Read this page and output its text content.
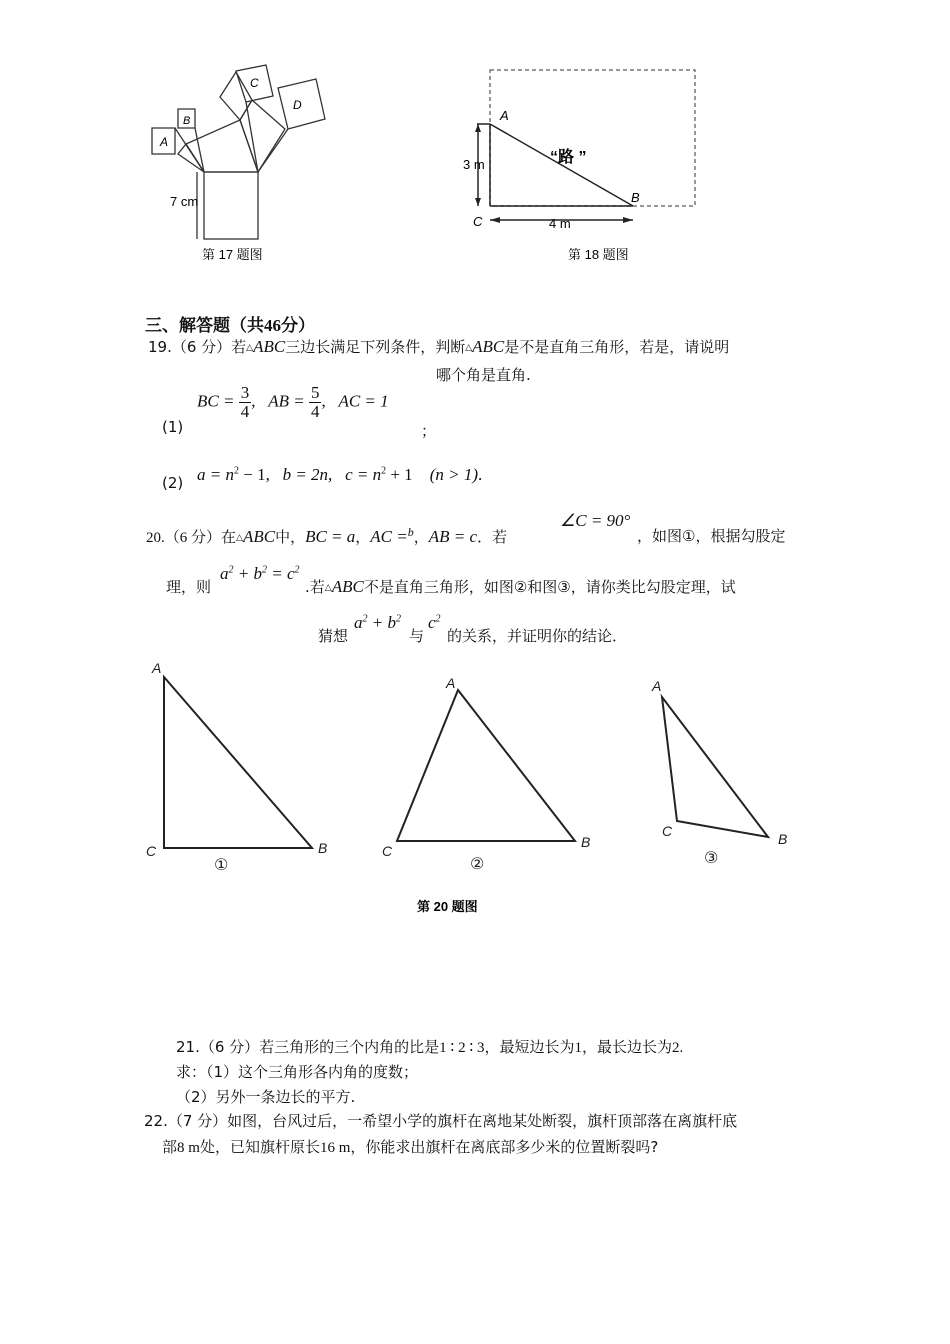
A
B
C
D
7 cm
第 17 题图
A
B
C
“路 ”
3 m
4 m
第 18 题图
三、解答题（共46分）
19.（6 分）若△ABC三边长满足下列条件，判断△ABC是不是直角三角形，若是，请说明
哪个角是直角.
(1)
BC = $\frac{3}{4}$ ,   AB = $\frac{5}{4}$ ,   AC = 1
；
(2) $a = n^2 - 1$, b = 2n, $c = n^2 + 1$ (n > 1).
20.（6 分）在△ABC中，BC = a，AC =$^b$，AB = c．若
∠C = 90°
，如图①，根据勾股定
理，则
$a^2 + b^2 = c^2$
.若△ABC不是直角三角形，如图②和图③，请你类比勾股定理，试
猜想
$a^2 + b^2$
与
$c^2$
的关系，并证明你的结论．
A
C	B
A
C
B
A
C	B
①	②	③
第 20 题图
21.（6 分）若三角形的三个内角的比是1 ∶ 2 ∶ 3，最短边长为1，最长边长为2.
求：（1）这个三角形各内角的度数；
（2）另外一条边长的平方.
22.（7 分）如图，台风过后，一希望小学的旗杆在离地某处断裂，旗杆顶部落在离旗杆底
部8 m处，已知旗杆原长16 m，你能求出旗杆在离底部多少米的位置断裂吗?
